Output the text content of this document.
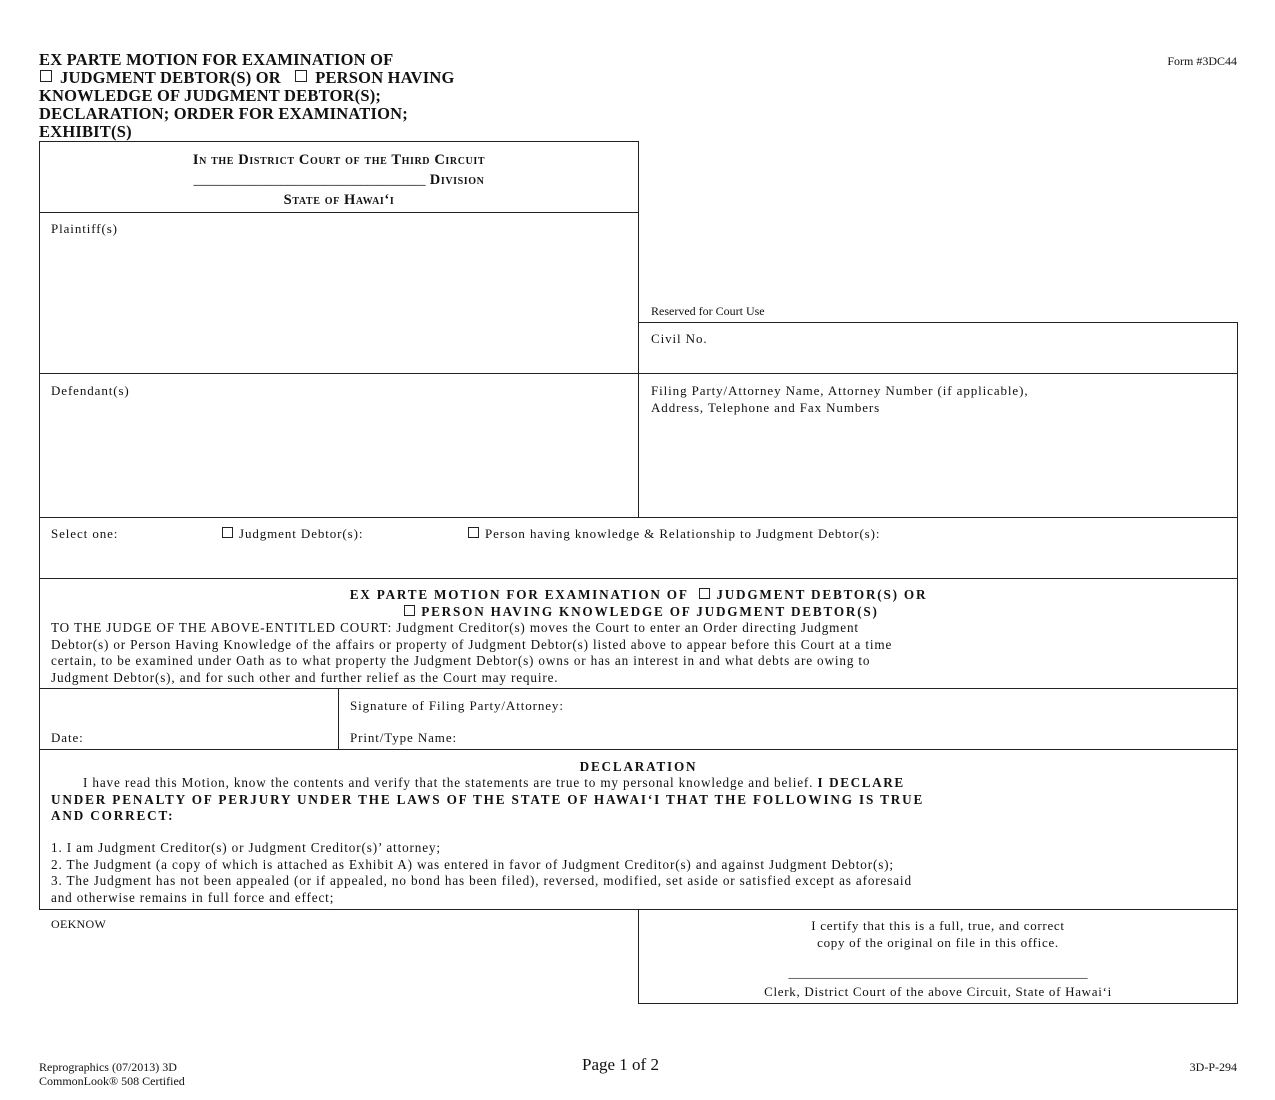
EX PARTE MOTION FOR EXAMINATION OF
JUDGMENT DEBTOR(S) OR PERSON HAVING
KNOWLEDGE OF JUDGMENT DEBTOR(S);
DECLARATION; ORDER FOR EXAMINATION;
EXHIBIT(S)
Form #3DC44
In the District Court of the Third Circuit
________________________________ Division
State of Hawai‘i
Plaintiff(s)
Defendant(s)
Reserved for Court Use
Civil No.
Filing Party/Attorney Name, Attorney Number (if applicable),
Address, Telephone and Fax Numbers
Select one:	Judgment Debtor(s):	Person having knowledge & Relationship to Judgment Debtor(s):
EX PARTE MOTION FOR EXAMINATION OF JUDGMENT DEBTOR(S) OR
PERSON HAVING KNOWLEDGE OF JUDGMENT DEBTOR(S)
TO THE JUDGE OF THE ABOVE-ENTITLED COURT: Judgment Creditor(s) moves the Court to enter an Order directing Judgment
Debtor(s) or Person Having Knowledge of the affairs or property of Judgment Debtor(s) listed above to appear before this Court at a time
certain, to be examined under Oath as to what property the Judgment Debtor(s) owns or has an interest in and what debts are owing to
Judgment Debtor(s), and for such other and further relief as the Court may require.
Date:
Signature of Filing Party/Attorney:
Print/Type Name:
DECLARATION
I have read this Motion, know the contents and verify that the statements are true to my personal knowledge and belief. I DECLARE
UNDER PENALTY OF PERJURY UNDER THE LAWS OF THE STATE OF HAWAI‘I THAT THE FOLLOWING IS TRUE
AND CORRECT:
1. I am Judgment Creditor(s) or Judgment Creditor(s)’ attorney;
2. The Judgment (a copy of which is attached as Exhibit A) was entered in favor of Judgment Creditor(s) and against Judgment Debtor(s);
3. The Judgment has not been appealed (or if appealed, no bond has been filed), reversed, modified, set aside or satisfied except as aforesaid
and otherwise remains in full force and effect;
OEKNOW	I certify that this is a full, true, and correct
copy of the original on file in this office.
______________________________________________
Clerk, District Court of the above Circuit, State of Hawai‘i
Reprographics (07/2013) 3D
CommonLook® 508 Certified
Page 1 of 2	3D-P-294
